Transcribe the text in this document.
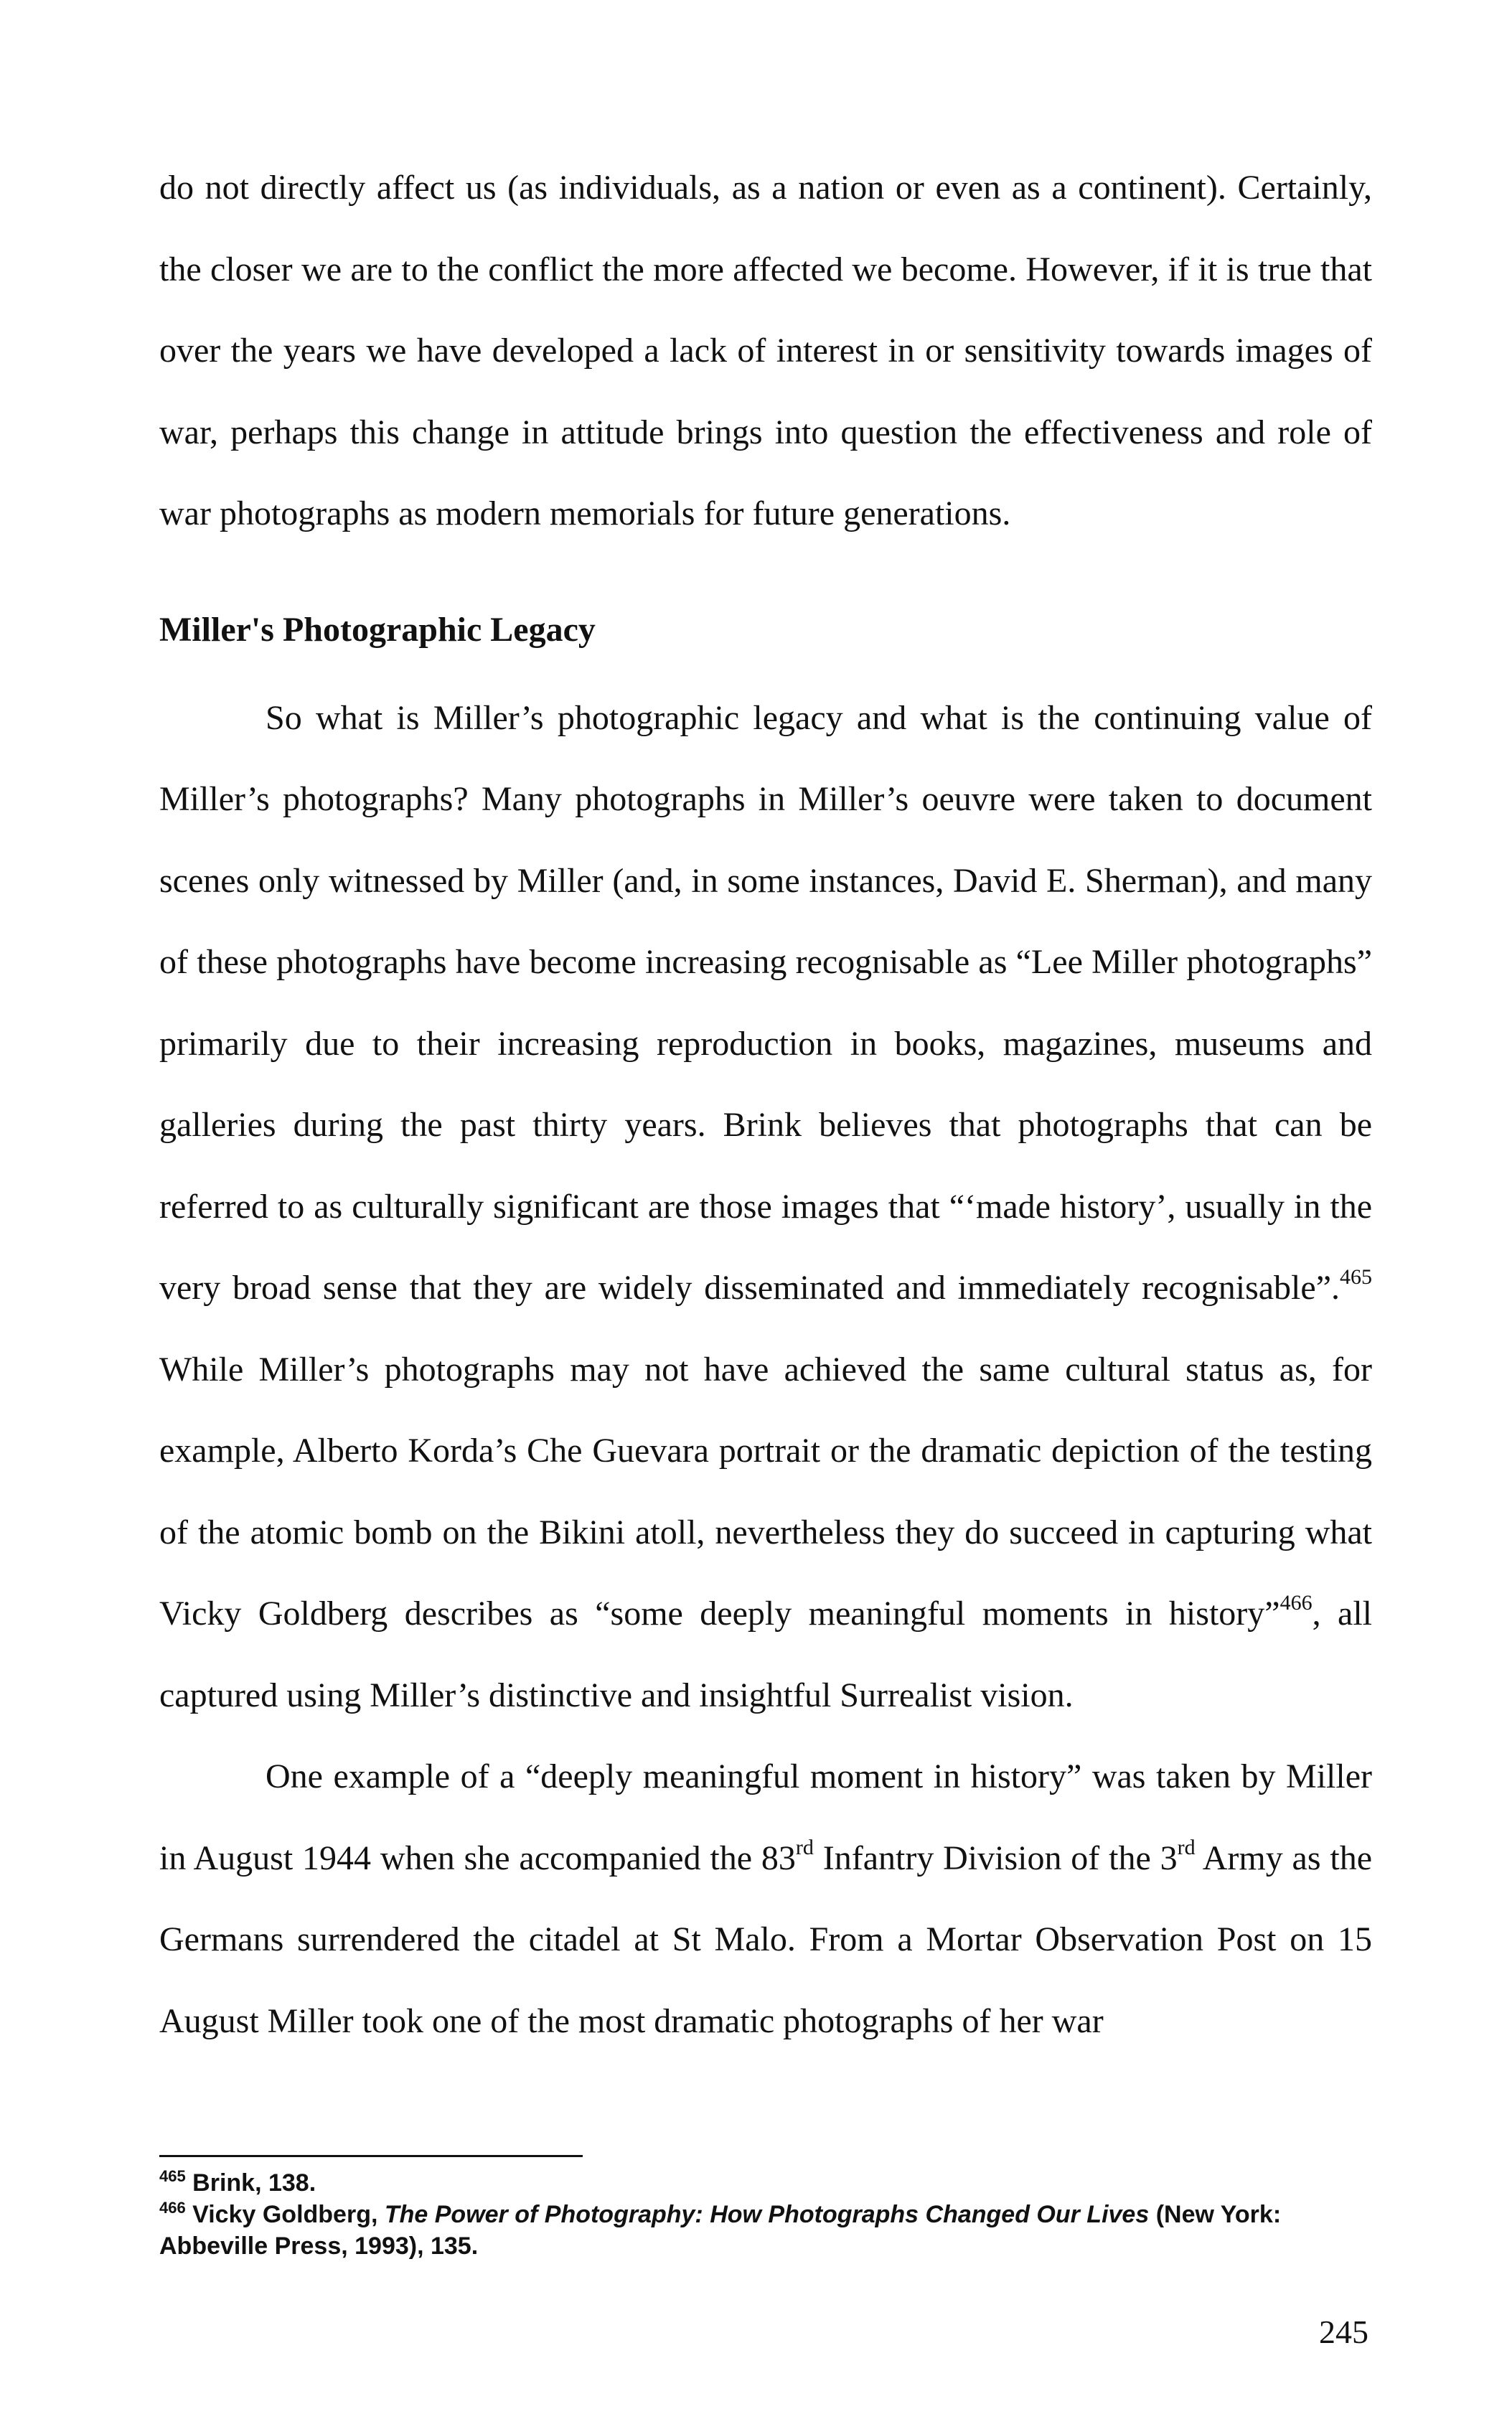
do not directly affect us (as individuals, as a nation or even as a continent). Certainly, the closer we are to the conflict the more affected we become. However, if it is true that over the years we have developed a lack of interest in or sensitivity towards images of war, perhaps this change in attitude brings into question the effectiveness and role of war photographs as modern memorials for future generations.

Miller's Photographic Legacy

So what is Miller’s photographic legacy and what is the continuing value of Miller’s photographs? Many photographs in Miller’s oeuvre were taken to document scenes only witnessed by Miller (and, in some instances, David E. Sherman), and many of these photographs have become increasing recognisable as “Lee Miller photographs” primarily due to their increasing reproduction in books, magazines, museums and galleries during the past thirty years. Brink believes that photographs that can be referred to as culturally significant are those images that “‘made history’, usually in the very broad sense that they are widely disseminated and immediately recognisable”.$^{465}$ While Miller’s photographs may not have achieved the same cultural status as, for example, Alberto Korda’s Che Guevara portrait or the dramatic depiction of the testing of the atomic bomb on the Bikini atoll, nevertheless they do succeed in capturing what Vicky Goldberg describes as “some deeply meaningful moments in history”$^{466}$, all captured using Miller’s distinctive and insightful Surrealist vision.

One example of a “deeply meaningful moment in history” was taken by Miller in August 1944 when she accompanied the 83rd Infantry Division of the 3rd Army as the Germans surrendered the citadel at St Malo. From a Mortar Observation Post on 15 August Miller took one of the most dramatic photographs of her war

$^{465}$ Brink, 138.

$^{466}$ Vicky Goldberg, The Power of Photography: How Photographs Changed Our Lives (New York: Abbeville Press, 1993), 135.

245
